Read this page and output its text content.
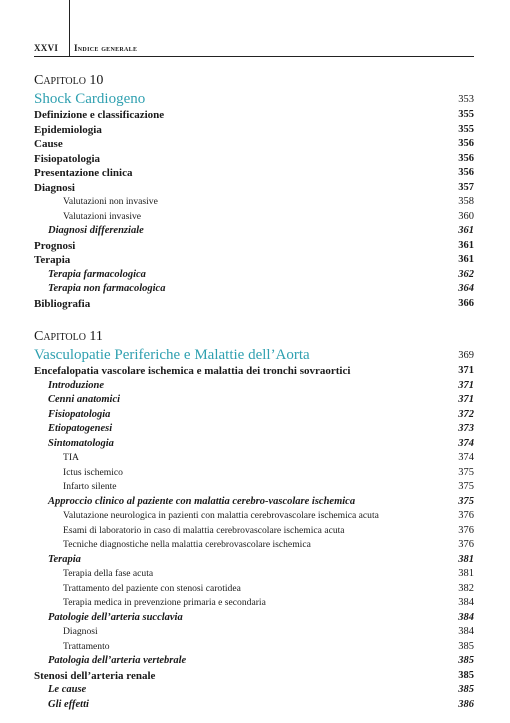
XXVI Indice generale
Capitolo 10
Shock Cardiogeno	353
Definizione e classificazione	355
Epidemiologia	355
Cause	356
Fisiopatologia	356
Presentazione clinica	356
Diagnosi	357
Valutazioni non invasive	358
Valutazioni invasive	360
Diagnosi differenziale	361
Prognosi	361
Terapia	361
Terapia farmacologica	362
Terapia non farmacologica	364
Bibliografia	366
Capitolo 11
Vasculopatie Periferiche e Malattie dell’Aorta	369
Encefalopatia vascolare ischemica e malattia dei tronchi sovraortici	371
Introduzione	371
Cenni anatomici	371
Fisiopatologia	372
Etiopatogenesi	373
Sintomatologia	374
TIA	374
Ictus ischemico	375
Infarto silente	375
Approccio clinico al paziente con malattia cerebro-vascolare ischemica	375
Valutazione neurologica in pazienti con malattia cerebrovascolare ischemica acuta	376
Esami di laboratorio in caso di malattia cerebrovascolare ischemica acuta	376
Tecniche diagnostiche nella malattia cerebrovascolare ischemica	376
Terapia	381
Terapia della fase acuta	381
Trattamento del paziente con stenosi carotidea	382
Terapia medica in prevenzione primaria e secondaria	384
Patologie dell’arteria succlavia	384
Diagnosi	384
Trattamento	385
Patologia dell’arteria vertebrale	385
Stenosi dell’arteria renale	385
Le cause	385
Gli effetti	386
